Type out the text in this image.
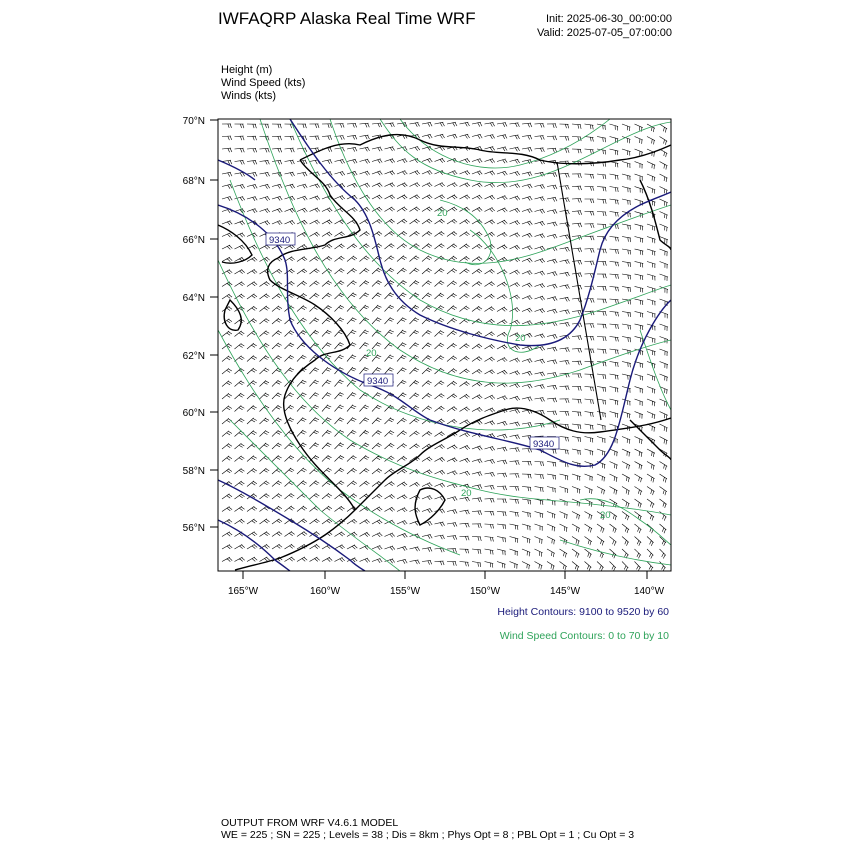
IWFAQRP Alaska Real Time WRF	Init: 2025-06-30_00:00:00
Valid: 2025-07-05_07:00:00
Height (m)
Wind Speed (kts)
Winds (kts)
9340
9340
9340
20
20
20
20
20
70°N
68°N
66°N
64°N
62°N
60°N
58°N
56°N
165°W	160°W	155°W	150°W	145°W	140°W
Height Contours: 9100 to 9520 by 60
Wind Speed Contours: 0 to 70 by 10
OUTPUT FROM WRF V4.6.1 MODEL
WE = 225 ; SN = 225 ; Levels = 38 ; Dis = 8km ; Phys Opt = 8 ; PBL Opt = 1 ; Cu Opt = 3
